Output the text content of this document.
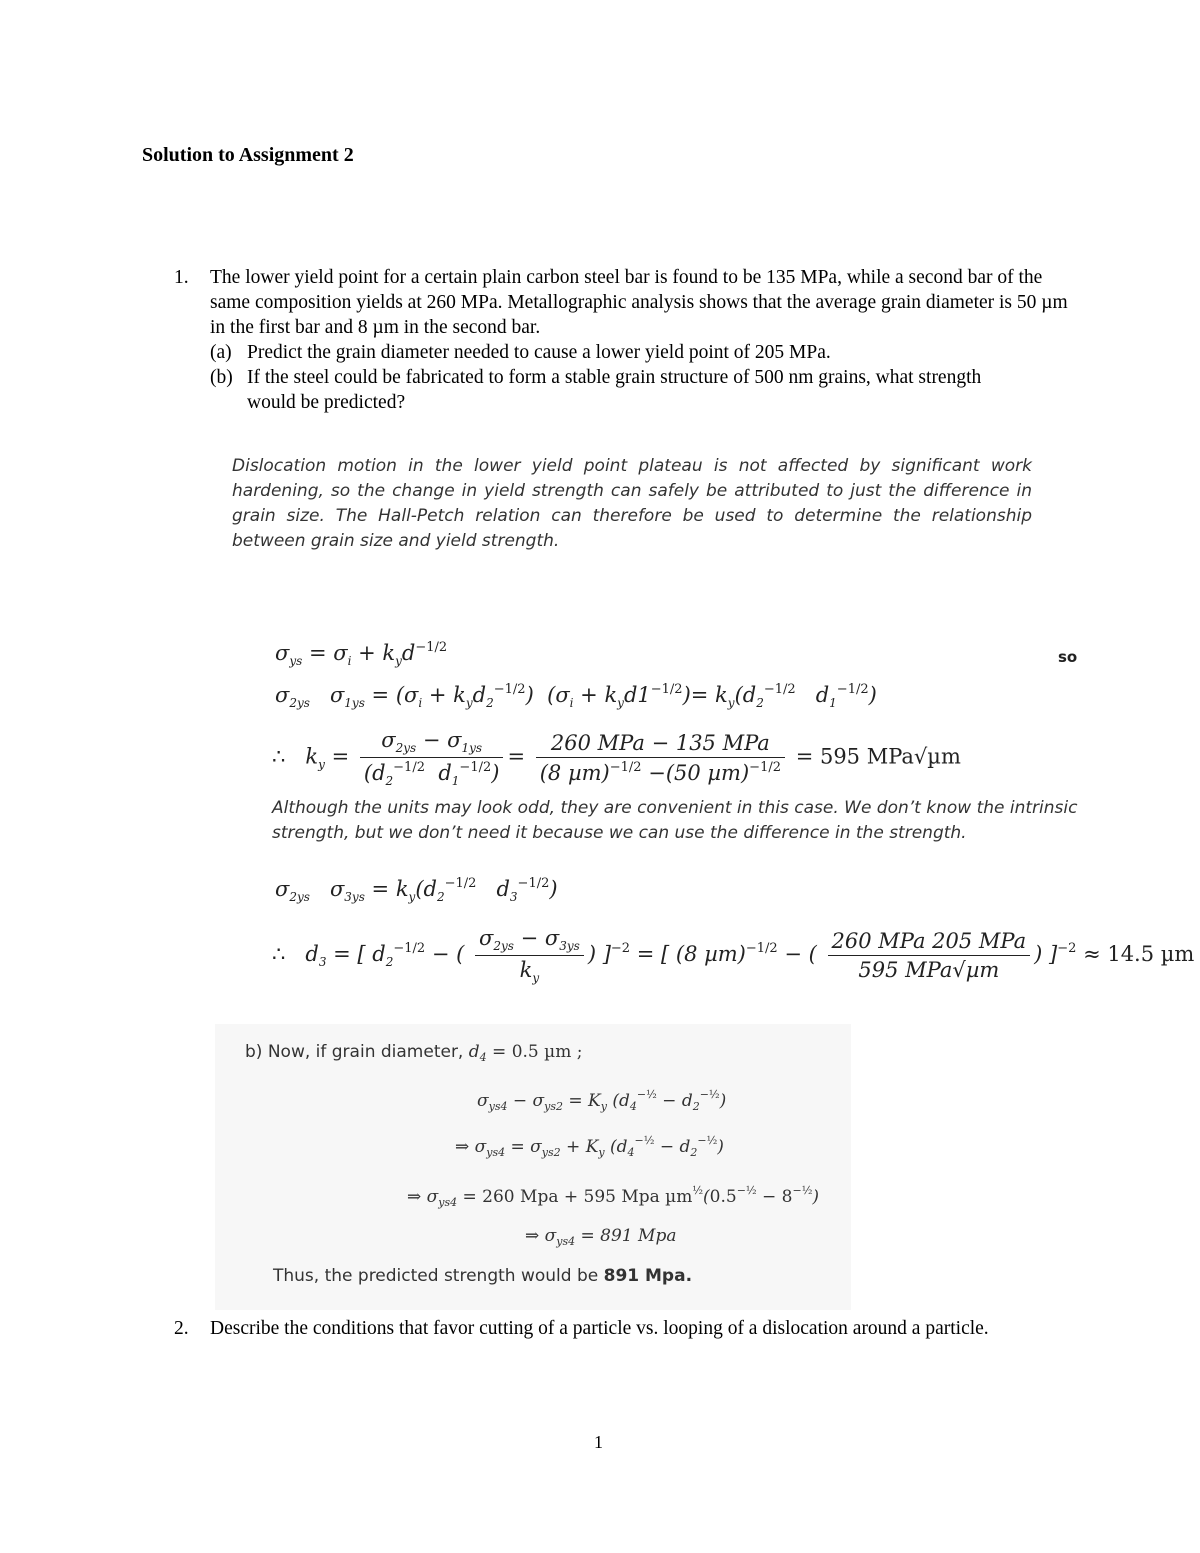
Solution to Assignment 2
1. The lower yield point for a certain plain carbon steel bar is found to be 135 MPa, while a second bar of the same composition yields at 260 MPa. Metallographic analysis shows that the average grain diameter is 50 µm in the first bar and 8 µm in the second bar.
(a) Predict the grain diameter needed to cause a lower yield point of 205 MPa.
(b) If the steel could be fabricated to form a stable grain structure of 500 nm grains, what strength would be predicted?
Dislocation motion in the lower yield point plateau is not affected by significant work hardening, so the change in yield strength can safely be attributed to just the difference in grain size. The Hall-Petch relation can therefore be used to determine the relationship between grain size and yield strength.
$\sigma_{ys} = \sigma_i + k_yd^{-1/2}$
so
$\sigma_{2ys}$   $\sigma_{1ys} = (\sigma_i + k_yd_2^{-1/2}) (\sigma_i + k_yd1^{-1/2})= k_y(d_2^{-1/2}$   $d_1^{-1/2}$)
∴   $k_y = \frac{\sigma_{2ys} - \sigma_{1ys}}{(d_2^{-1/2} d_1^{-1/2})} = \frac{\text{260 MPa − 135 MPa}}{(8 \mu m)^{-1/2} -(50 \mu m)^{-1/2}} = 595$ MPa√µm
Although the units may look odd, they are convenient in this case. We don’t know the intrinsic strength, but we don’t need it because we can use the difference in the strength.
$\sigma_{2ys}$   $\sigma_{3ys} = k_y(d_2^{-1/2}$   $d_3^{-1/2}$)
∴   $d_3$ = [ $d_2^{-1/2}$ − ( $\frac{\sigma_{2ys} - \sigma_{3ys}}{k_y}$ ) ]$^{-2}$ = [ (8 µm)$^{-1/2}$ − ( $\frac{\text{260 MPa 205 MPa}}{\text{595 MPa√µm}}$ ) ]$^{-2}$ ≈ 14.5 µm
b) Now, if grain diameter, $d_4 = 0.5$ µm ;
$\sigma_{ys4} - \sigma_{ys2} = K_y$ $(d_4^{-\frac{1}{2}} - d_2^{-\frac{1}{2}})$
⇒ $\sigma_{ys4} = \sigma_{ys2} + K_y$ $(d_4^{-\frac{1}{2}} - d_2^{-\frac{1}{2}})$
⇒ $\sigma_{ys4} = 260$ Mpa + 595 Mpa $\mu m^{\frac{1}{2}}(0.5^{-\frac{1}{2}} - 8^{-\frac{1}{2}})$
⇒ $\sigma_{ys4} = 891$ Mpa
Thus, the predicted strength would be 891 Mpa.
2. Describe the conditions that favor cutting of a particle vs. looping of a dislocation around a particle.
1
